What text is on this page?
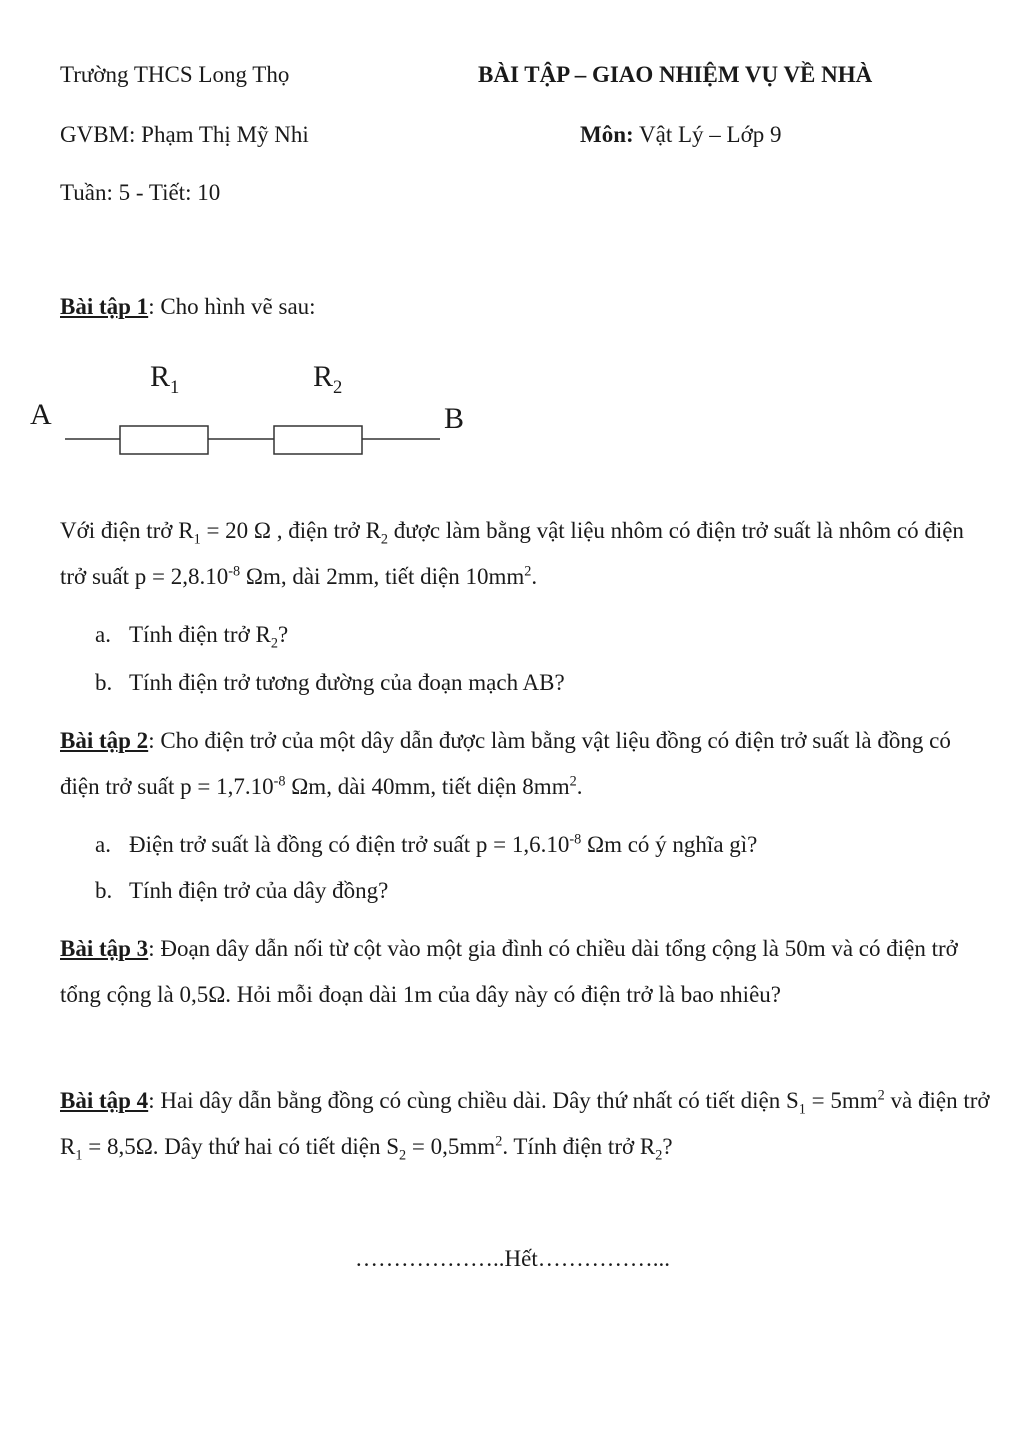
Trường THCS Long Thọ	BÀI TẬP – GIAO NHIỆM VỤ VỀ NHÀ
GVBM: Phạm Thị Mỹ Nhi	Môn: Vật Lý – Lớp 9
Tuần: 5 - Tiết: 10
Bài tập 1: Cho hình vẽ sau:
$R_1$	$R_2$
A	B
Với điện trở $R_1 = 20$ Ω , điện trở $R_2$ được làm bằng vật liệu nhôm có điện trở suất là nhôm có điện trở suất $p = 2,8.10^{-8}$ Ωm, dài 2mm, tiết diện $10mm^2$.
a. Tính điện trở $R_2$?
b. Tính điện trở tương đường của đoạn mạch AB?
Bài tập 2: Cho điện trở của một dây dẫn được làm bằng vật liệu đồng có điện trở suất là đồng có điện trở suất $p = 1,7.10^{-8}$ Ωm, dài 40mm, tiết diện $8mm^2$.
a. Điện trở suất là đồng có điện trở suất $p = 1,6.10^{-8}$ Ωm có ý nghĩa gì?
b. Tính điện trở của dây đồng?
Bài tập 3: Đoạn dây dẫn nối từ cột vào một gia đình có chiều dài tổng cộng là 50m và có điện trở tổng cộng là 0,5Ω. Hỏi mỗi đoạn dài 1m của dây này có điện trở là bao nhiêu?
Bài tập 4: Hai dây dẫn bằng đồng có cùng chiều dài. Dây thứ nhất có tiết diện $S_1 = 5mm^2$ và điện trở $R_1 = 8,5\Omega$. Dây thứ hai có tiết diện $S_2 = 0,5mm^2$. Tính điện trở $R_2$?
………………..Hết……………...
